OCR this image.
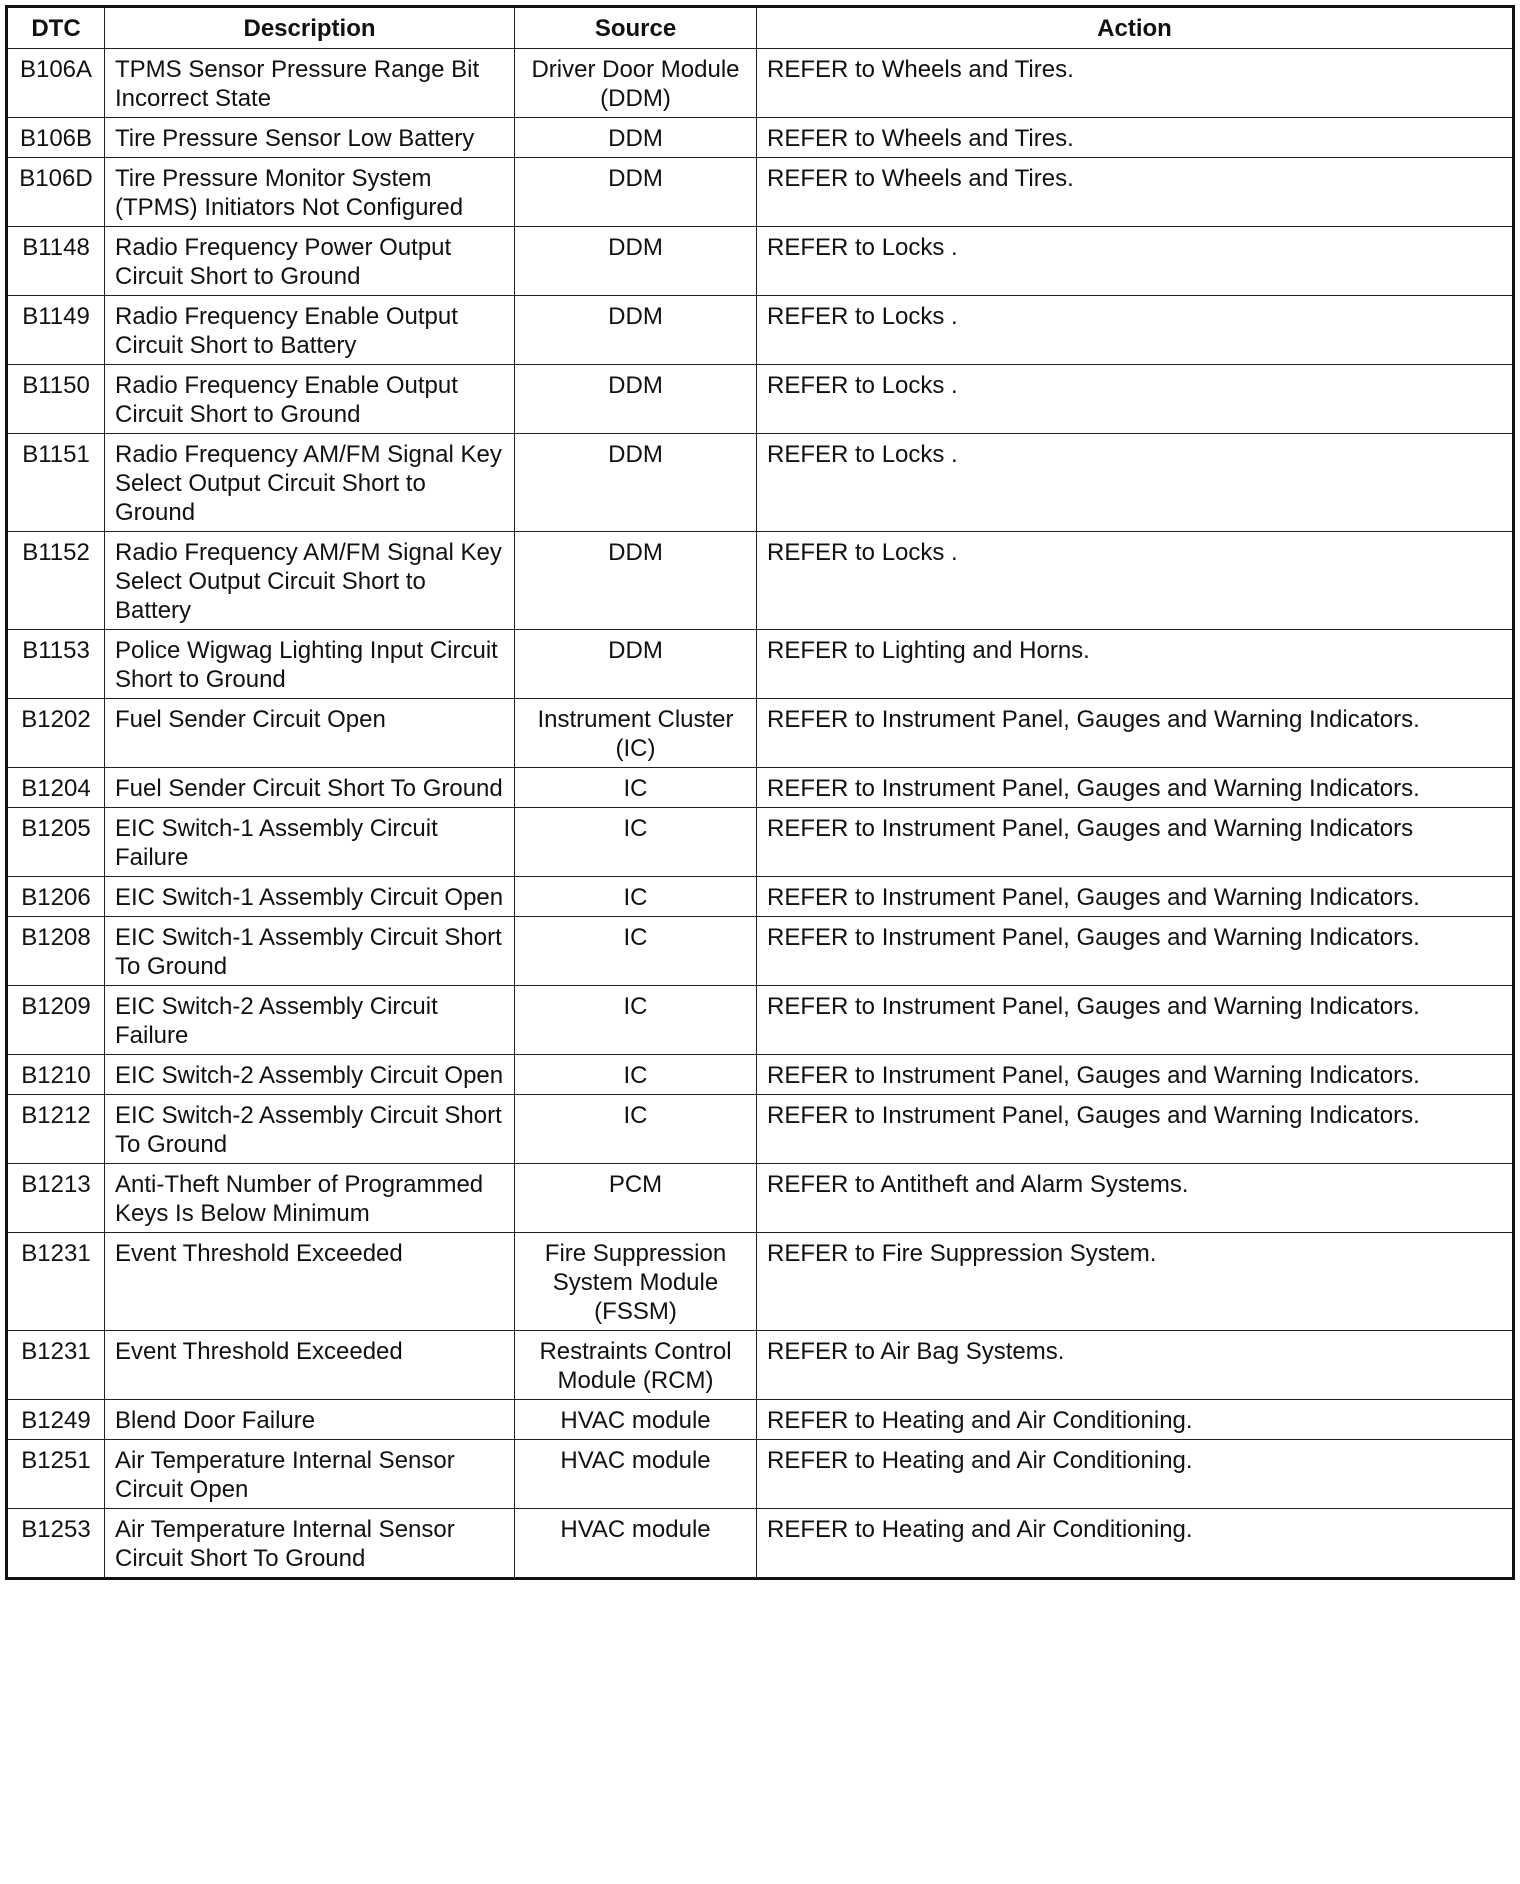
DTC	Description	Source	Action
B106A	TPMS Sensor Pressure Range Bit Incorrect State	Driver Door Module (DDM)	REFER to Wheels and Tires.
B106B	Tire Pressure Sensor Low Battery	DDM	REFER to Wheels and Tires.
B106D	Tire Pressure Monitor System (TPMS) Initiators Not Configured	DDM	REFER to Wheels and Tires.
B1148	Radio Frequency Power Output Circuit Short to Ground	DDM	REFER to Locks .
B1149	Radio Frequency Enable Output Circuit Short to Battery	DDM	REFER to Locks .
B1150	Radio Frequency Enable Output Circuit Short to Ground	DDM	REFER to Locks .
B1151	Radio Frequency AM/FM Signal Key Select Output Circuit Short to Ground	DDM	REFER to Locks .
B1152	Radio Frequency AM/FM Signal Key Select Output Circuit Short to Battery	DDM	REFER to Locks .
B1153	Police Wigwag Lighting Input Circuit Short to Ground	DDM	REFER to Lighting and Horns.
B1202	Fuel Sender Circuit Open	Instrument Cluster (IC)	REFER to Instrument Panel, Gauges and Warning Indicators.
B1204	Fuel Sender Circuit Short To Ground	IC	REFER to Instrument Panel, Gauges and Warning Indicators.
B1205	EIC Switch-1 Assembly Circuit Failure	IC	REFER to Instrument Panel, Gauges and Warning Indicators
B1206	EIC Switch-1 Assembly Circuit Open	IC	REFER to Instrument Panel, Gauges and Warning Indicators.
B1208	EIC Switch-1 Assembly Circuit Short To Ground	IC	REFER to Instrument Panel, Gauges and Warning Indicators.
B1209	EIC Switch-2 Assembly Circuit Failure	IC	REFER to Instrument Panel, Gauges and Warning Indicators.
B1210	EIC Switch-2 Assembly Circuit Open	IC	REFER to Instrument Panel, Gauges and Warning Indicators.
B1212	EIC Switch-2 Assembly Circuit Short To Ground	IC	REFER to Instrument Panel, Gauges and Warning Indicators.
B1213	Anti-Theft Number of Programmed Keys Is Below Minimum	PCM	REFER to Antitheft and Alarm Systems.
B1231	Event Threshold Exceeded	Fire Suppression System Module (FSSM)	REFER to Fire Suppression System.
B1231	Event Threshold Exceeded	Restraints Control Module (RCM)	REFER to Air Bag Systems.
B1249	Blend Door Failure	HVAC module	REFER to Heating and Air Conditioning.
B1251	Air Temperature Internal Sensor Circuit Open	HVAC module	REFER to Heating and Air Conditioning.
B1253	Air Temperature Internal Sensor Circuit Short To Ground	HVAC module	REFER to Heating and Air Conditioning.
